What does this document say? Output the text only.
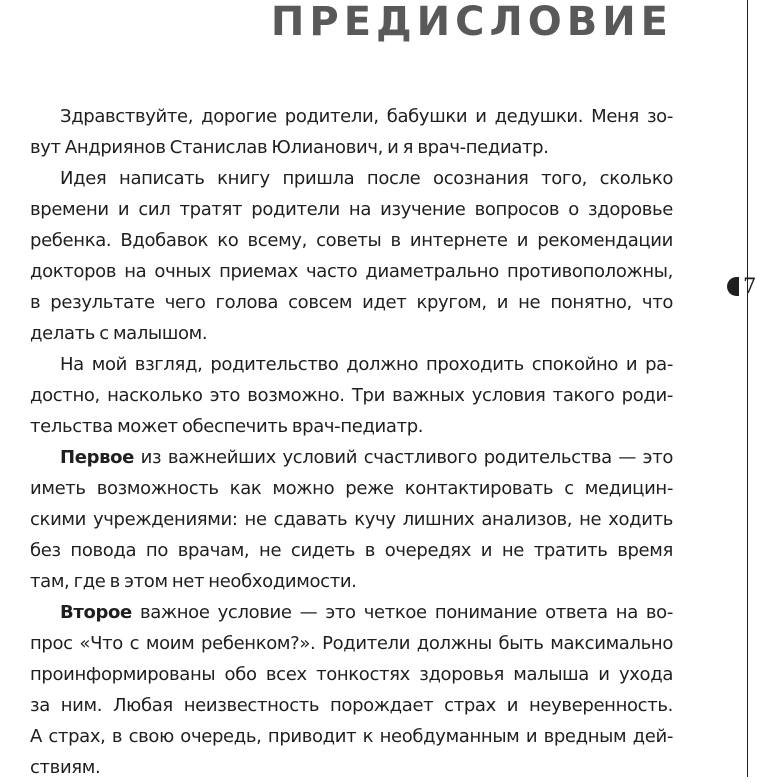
ПРЕДИСЛОВИЕ
7

Здравствуйте, дорогие родители, бабушки и дедушки. Меня зо-
вут Андриянов Станислав Юлианович, и я врач-педиатр.

Идея написать книгу пришла после осознания того, сколько
времени и сил тратят родители на изучение вопросов о здоровье
ребенка. Вдобавок ко всему, советы в интернете и рекомендации
докторов на очных приемах часто диаметрально противоположны,
в результате чего голова совсем идет кругом, и не понятно, что
делать с малышом.

На мой взгляд, родительство должно проходить спокойно и ра-
достно, насколько это возможно. Три важных условия такого роди-
тельства может обеспечить врач-педиатр.

Первое из важнейших условий счастливого родительства — это
иметь возможность как можно реже контактировать с медицин-
скими учреждениями: не сдавать кучу лишних анализов, не ходить
без повода по врачам, не сидеть в очередях и не тратить время
там, где в этом нет необходимости.

Второе важное условие — это четкое понимание ответа на во-
прос «Что с моим ребенком?». Родители должны быть максимально
проинформированы обо всех тонкостях здоровья малыша и ухода
за ним. Любая неизвестность порождает страх и неуверенность.
А страх, в свою очередь, приводит к необдуманным и вредным дей-
ствиям.
